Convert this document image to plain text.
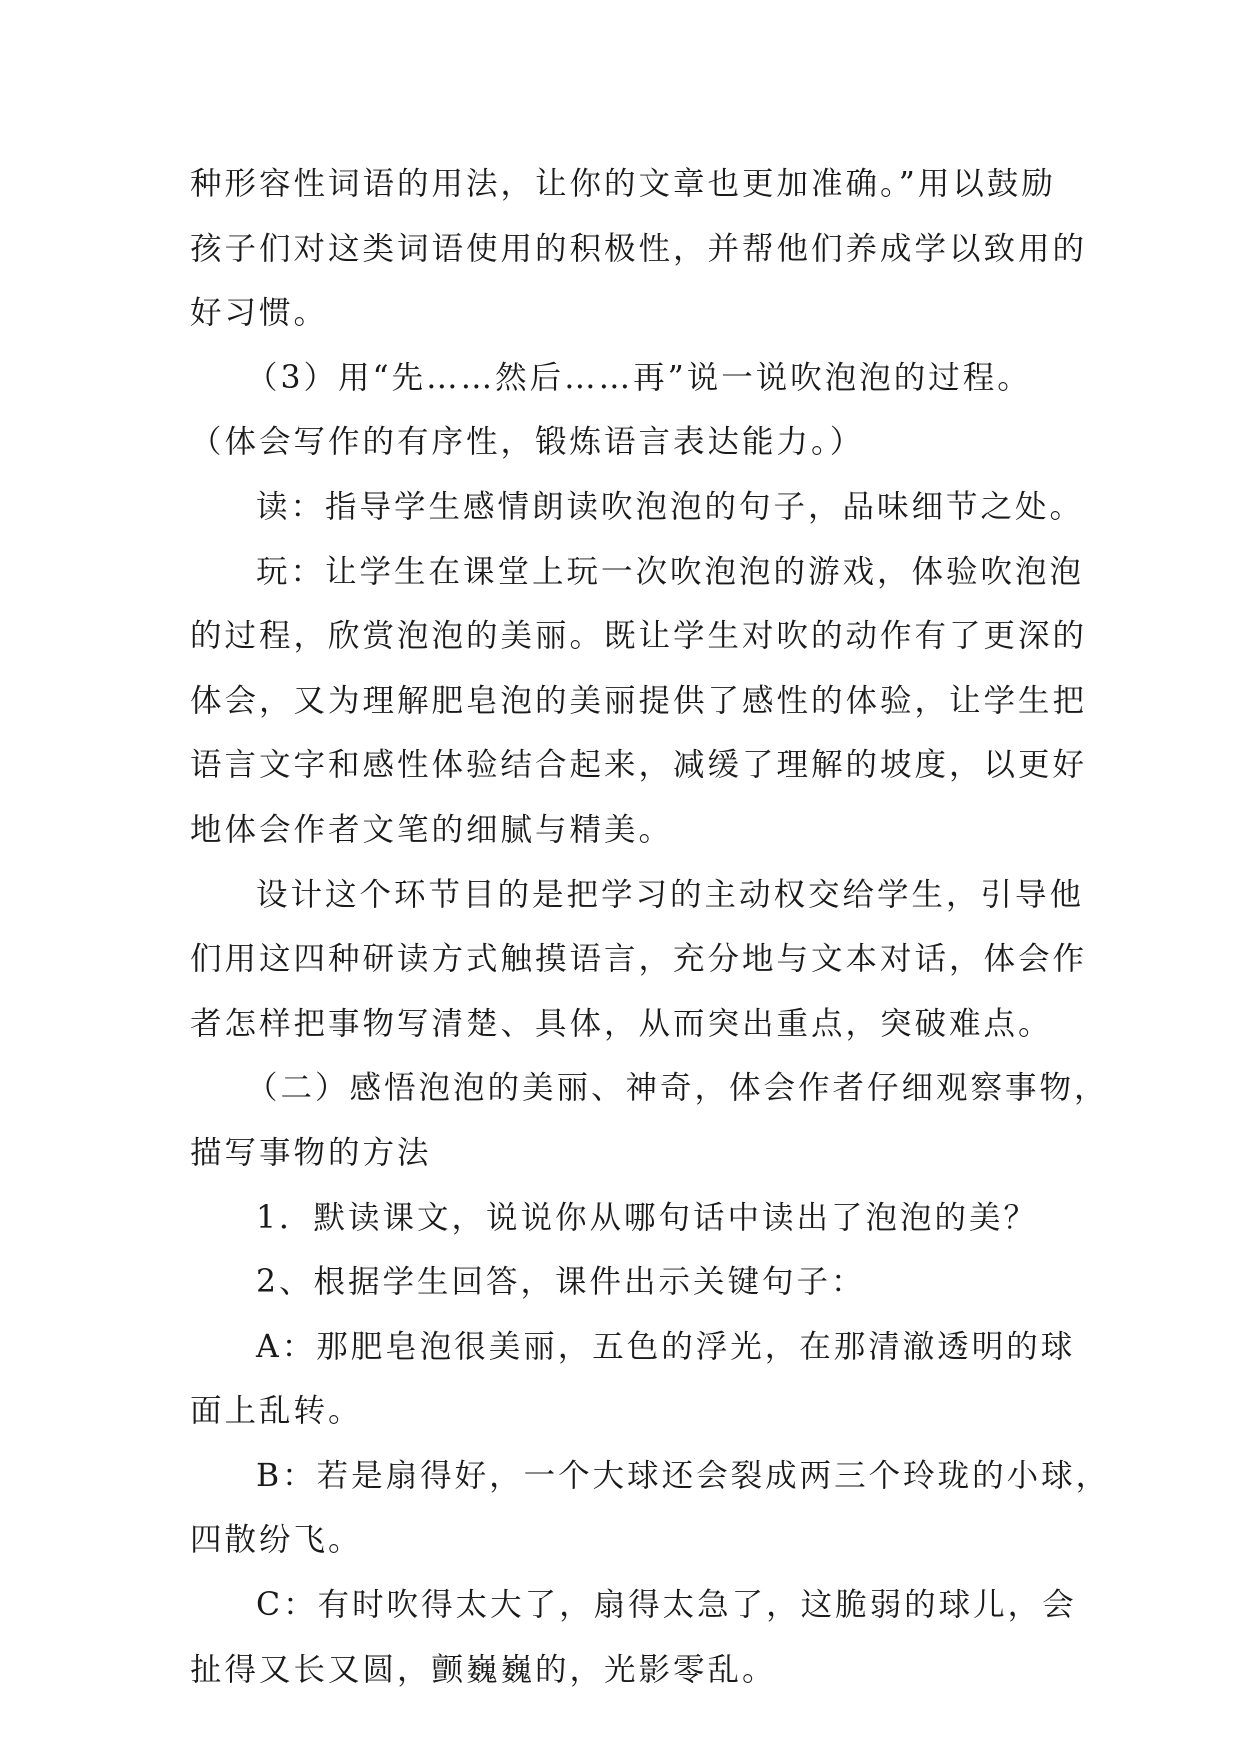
种形容性词语的用法，让你的文章也更加准确。”用以鼓励
孩子们对这类词语使用的积极性，并帮他们养成学以致用的
好习惯。
（3）用“先……然后……再”说一说吹泡泡的过程。
（体会写作的有序性，锻炼语言表达能力。）
读：指导学生感情朗读吹泡泡的句子，品味细节之处。
玩：让学生在课堂上玩一次吹泡泡的游戏，体验吹泡泡
的过程，欣赏泡泡的美丽。既让学生对吹的动作有了更深的
体会，又为理解肥皂泡的美丽提供了感性的体验，让学生把
语言文字和感性体验结合起来，减缓了理解的坡度，以更好
地体会作者文笔的细腻与精美。
设计这个环节目的是把学习的主动权交给学生，引导他
们用这四种研读方式触摸语言，充分地与文本对话，体会作
者怎样把事物写清楚、具体，从而突出重点，突破难点。
（二）感悟泡泡的美丽、神奇，体会作者仔细观察事物，
描写事物的方法
1．默读课文，说说你从哪句话中读出了泡泡的美？
2、根据学生回答，课件出示关键句子：
A：那肥皂泡很美丽，五色的浮光，在那清澈透明的球
面上乱转。
B：若是扇得好，一个大球还会裂成两三个玲珑的小球，
四散纷飞。
C：有时吹得太大了，扇得太急了，这脆弱的球儿，会
扯得又长又圆，颤巍巍的，光影零乱。
